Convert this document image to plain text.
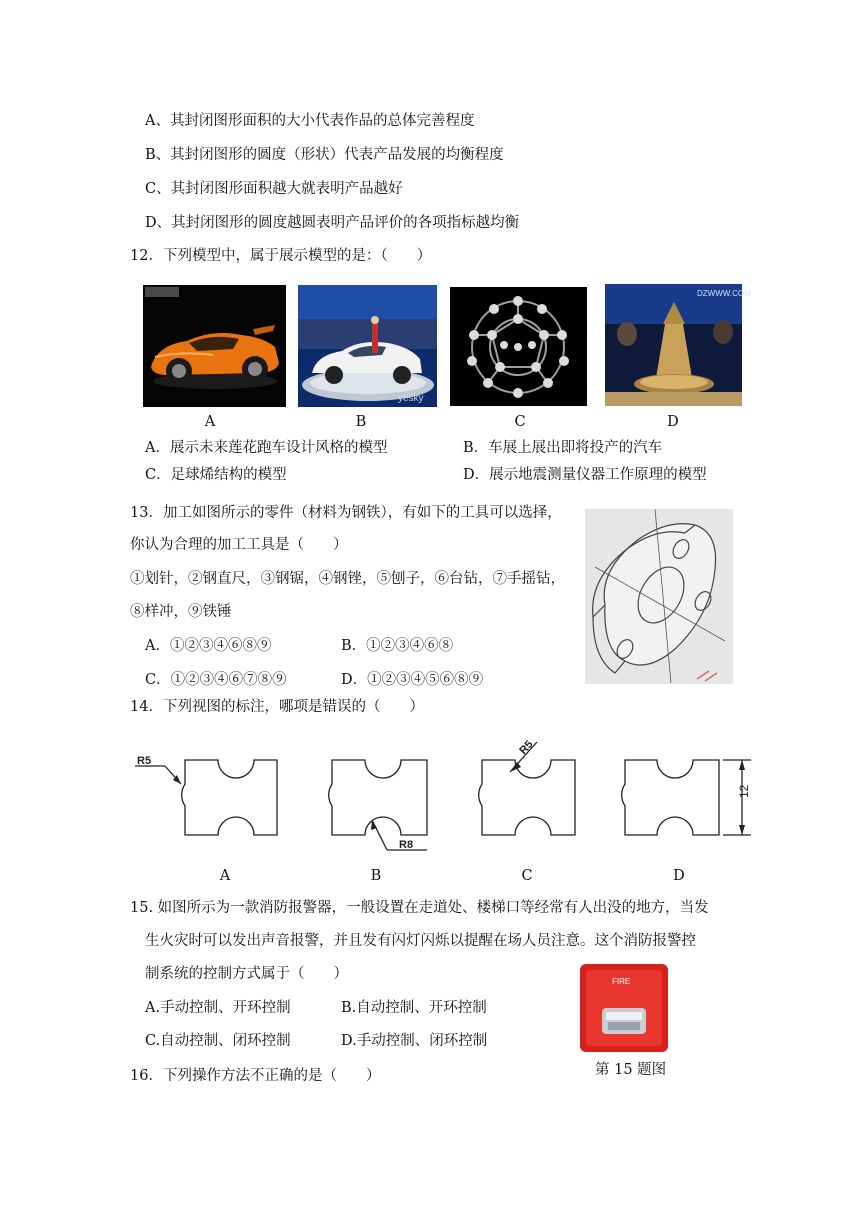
A、其封闭图形面积的大小代表作品的总体完善程度
B、其封闭图形的圆度（形状）代表产品发展的均衡程度
C、其封闭图形面积越大就表明产品越好
D、其封闭图形的圆度越圆表明产品评价的各项指标越均衡
12．下列模型中，属于展示模型的是：（　　）
yesky
DZWWW.COM
A	B	C	D
A．展示未来莲花跑车设计风格的模型	B．车展上展出即将投产的汽车
C．足球烯结构的模型	D．展示地震测量仪器工作原理的模型
13．加工如图所示的零件（材料为钢铁），有如下的工具可以选择，
你认为合理的加工工具是（　　）
①划针，②钢直尺，③钢锯，④钢锉，⑤刨子，⑥台钻，⑦手摇钻，
⑧样冲，⑨铁锤
A．①②③④⑥⑧⑨	B．①②③④⑥⑧
C．①②③④⑥⑦⑧⑨	D．①②③④⑤⑥⑧⑨
14．下列视图的标注，哪项是错误的（　　）
R5
R8
R5
12
A	B	C	D
15. 如图所示为一款消防报警器，一般设置在走道处、楼梯口等经常有人出没的地方，当发
生火灾时可以发出声音报警，并且发有闪灯闪烁以提醒在场人员注意。这个消防报警控
制系统的控制方式属于（　　）
A.手动控制、开环控制	B.自动控制、开环控制
C.自动控制、闭环控制	D.手动控制、闭环控制
FIRE
第 15 题图
16．下列操作方法不正确的是（　　）
